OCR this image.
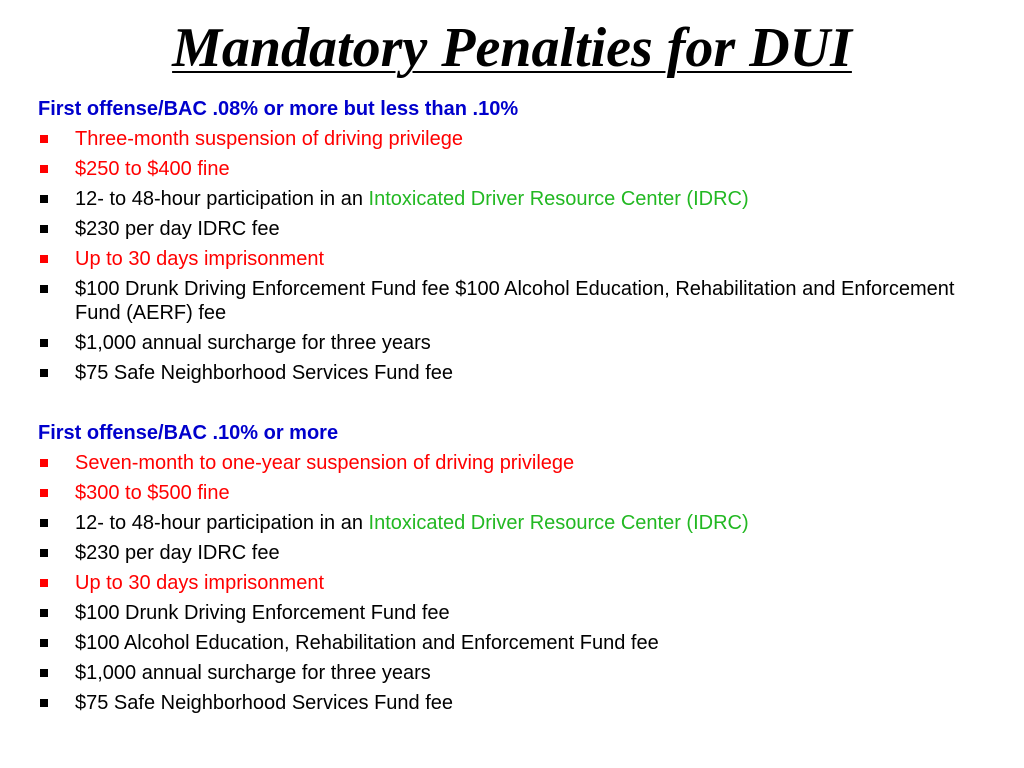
Mandatory Penalties for DUI

First offense/BAC .08% or more but less than .10%

Three-month suspension of driving privilege
$250 to $400 fine
12- to 48-hour participation in an Intoxicated Driver Resource Center (IDRC)
$230 per day IDRC fee
Up to 30 days imprisonment
$100 Drunk Driving Enforcement Fund fee $100 Alcohol Education, Rehabilitation and Enforcement Fund (AERF) fee
$1,000 annual surcharge for three years
$75 Safe Neighborhood Services Fund fee

First offense/BAC .10% or more

Seven-month to one-year suspension of driving privilege
$300 to $500 fine
12- to 48-hour participation in an Intoxicated Driver Resource Center (IDRC)
$230 per day IDRC fee
Up to 30 days imprisonment
$100 Drunk Driving Enforcement Fund fee
$100 Alcohol Education, Rehabilitation and Enforcement Fund fee
$1,000 annual surcharge for three years
$75 Safe Neighborhood Services Fund fee
